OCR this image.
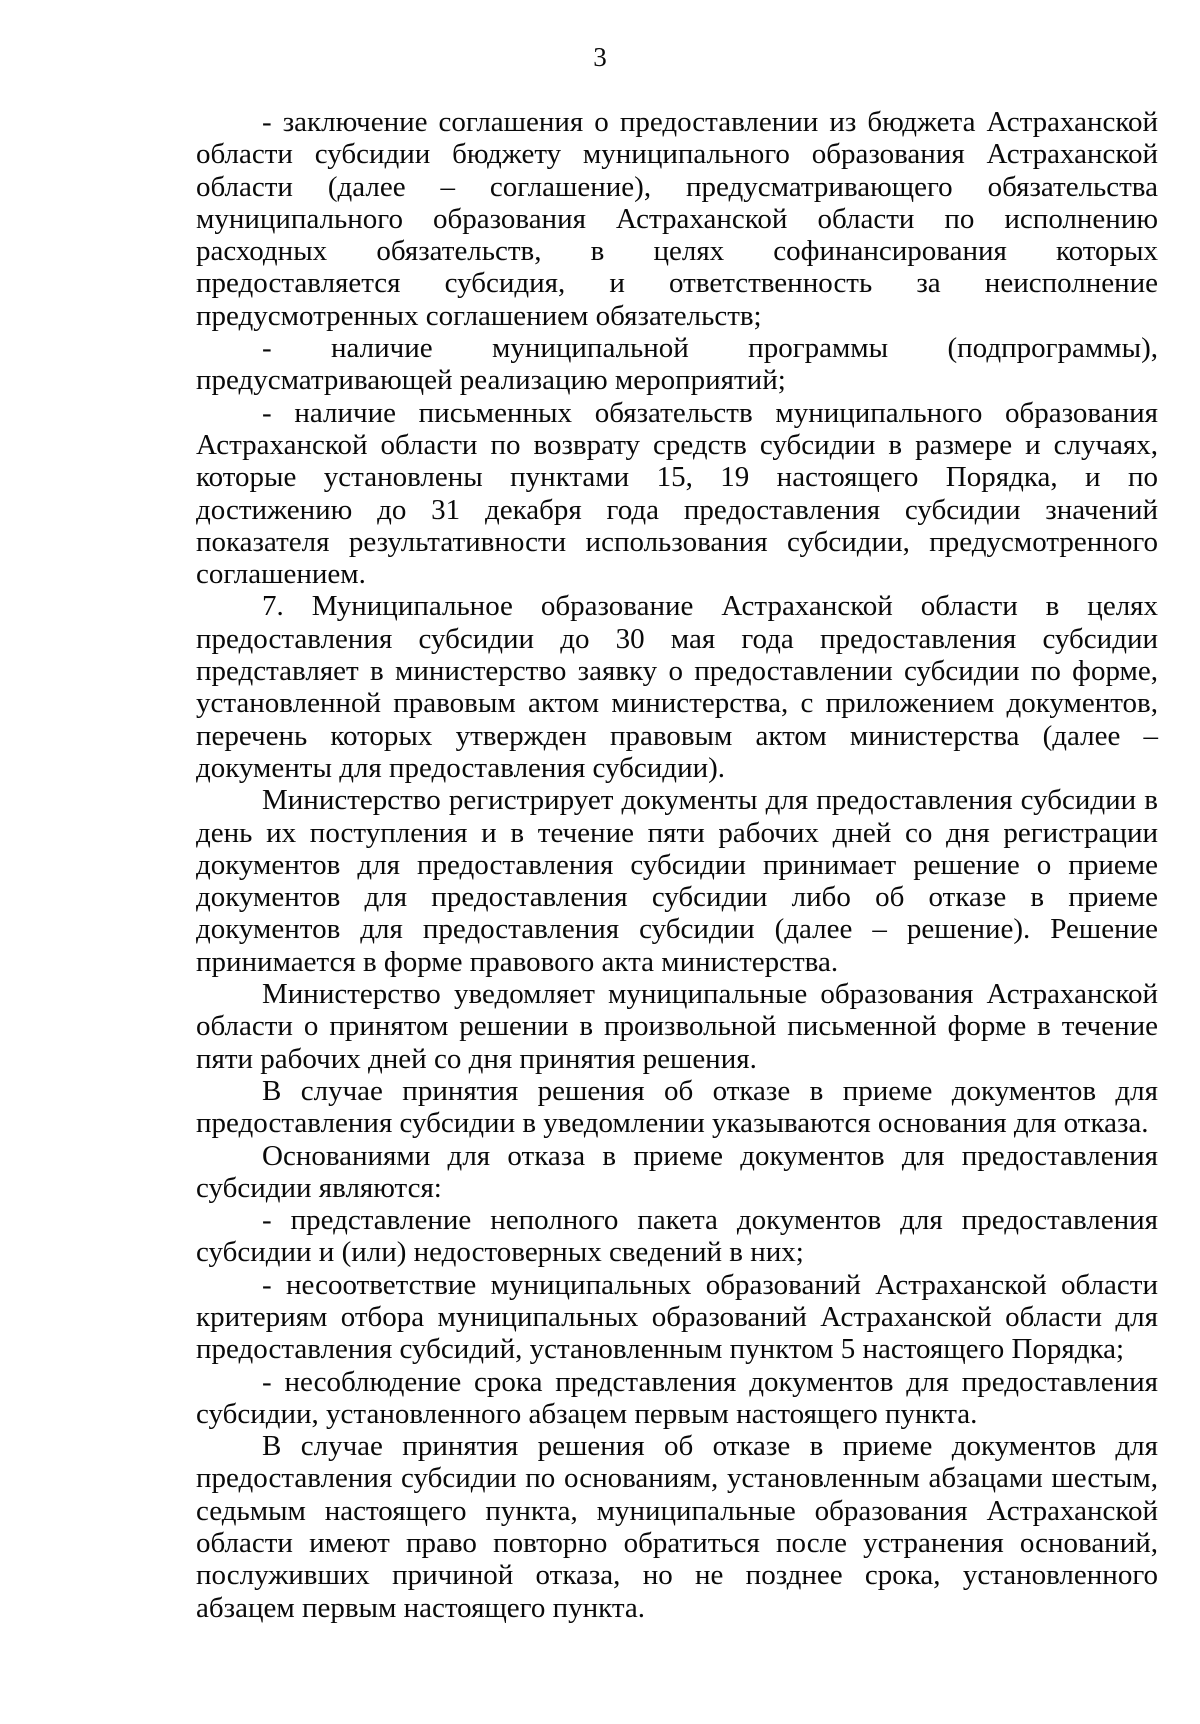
3

- заключение соглашения о предоставлении из бюджета Астраханской области субсидии бюджету муниципального образования Астраханской области (далее – соглашение), предусматривающего обязательства муниципального образования Астраханской области по исполнению расходных обязательств, в целях софинансирования которых предоставляется субсидия, и ответственность за неисполнение предусмотренных соглашением обязательств;

- наличие муниципальной программы (подпрограммы), предусматривающей реализацию мероприятий;

- наличие письменных обязательств муниципального образования Астраханской области по возврату средств субсидии в размере и случаях, которые установлены пунктами 15, 19 настоящего Порядка, и по достижению до 31 декабря года предоставления субсидии значений показателя результативности использования субсидии, предусмотренного соглашением.

7. Муниципальное образование Астраханской области в целях предоставления субсидии до 30 мая года предоставления субсидии представляет в министерство заявку о предоставлении субсидии по форме, установленной правовым актом министерства, с приложением документов, перечень которых утвержден правовым актом министерства (далее – документы для предоставления субсидии).

Министерство регистрирует документы для предоставления субсидии в день их поступления и в течение пяти рабочих дней со дня регистрации документов для предоставления субсидии принимает решение о приеме документов для предоставления субсидии либо об отказе в приеме документов для предоставления субсидии (далее – решение). Решение принимается в форме правового акта министерства.

Министерство уведомляет муниципальные образования Астраханской области о принятом решении в произвольной письменной форме в течение пяти рабочих дней со дня принятия решения.

В случае принятия решения об отказе в приеме документов для предоставления субсидии в уведомлении указываются основания для отказа.

Основаниями для отказа в приеме документов для предоставления субсидии являются:

- представление неполного пакета документов для предоставления субсидии и (или) недостоверных сведений в них;

- несоответствие муниципальных образований Астраханской области критериям отбора муниципальных образований Астраханской области для предоставления субсидий, установленным пунктом 5 настоящего Порядка;

- несоблюдение срока представления документов для предоставления субсидии, установленного абзацем первым настоящего пункта.

В случае принятия решения об отказе в приеме документов для предоставления субсидии по основаниям, установленным абзацами шестым, седьмым настоящего пункта, муниципальные образования Астраханской области имеют право повторно обратиться после устранения оснований, послуживших причиной отказа, но не позднее срока, установленного абзацем первым настоящего пункта.
